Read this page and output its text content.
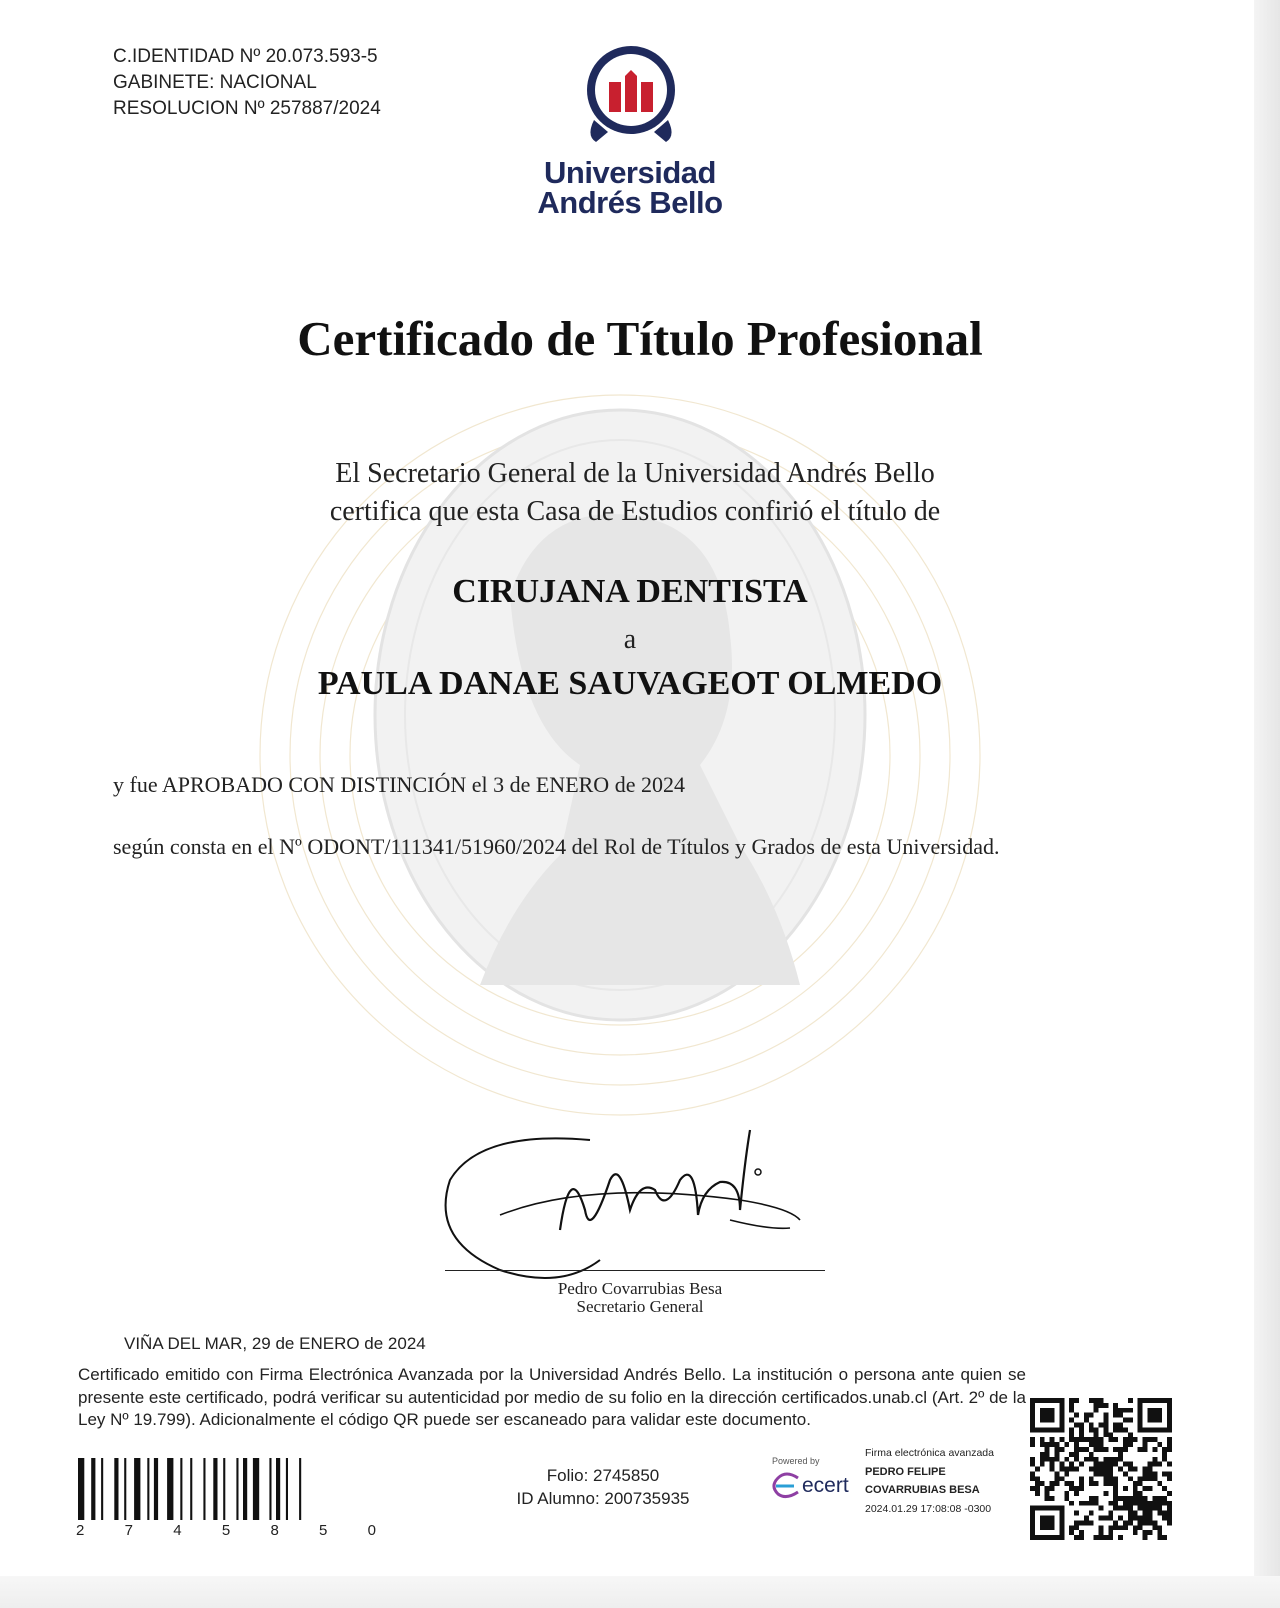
C.IDENTIDAD Nº 20.073.593-5
GABINETE: NACIONAL
RESOLUCION Nº 257887/2024
Universidad
Andrés Bello
Certificado de Título Profesional
El Secretario General de la Universidad Andrés Bello
certifica que esta Casa de Estudios confirió el título de
CIRUJANA DENTISTA
a
PAULA DANAE SAUVAGEOT OLMEDO
y fue APROBADO CON DISTINCIÓN el 3 de ENERO de 2024
según consta en el Nº ODONT/111341/51960/2024 del Rol de Títulos y Grados de esta Universidad.
Pedro Covarrubias Besa
Secretario General
VIÑA DEL MAR, 29 de ENERO de 2024
Certificado emitido con Firma Electrónica Avanzada por la Universidad Andrés Bello. La institución o persona ante quien se presente este certificado, podrá verificar su autenticidad por medio de su folio en la dirección certificados.unab.cl (Art. 2º de la Ley Nº 19.799). Adicionalmente el código QR puede ser escaneado para validar este documento.
2	7	4	5	8	5	0
Folio: 2745850
ID Alumno: 200735935
Powered by
ecert
Firma electrónica avanzada
PEDRO FELIPE
COVARRUBIAS BESA
2024.01.29 17:08:08 -0300
